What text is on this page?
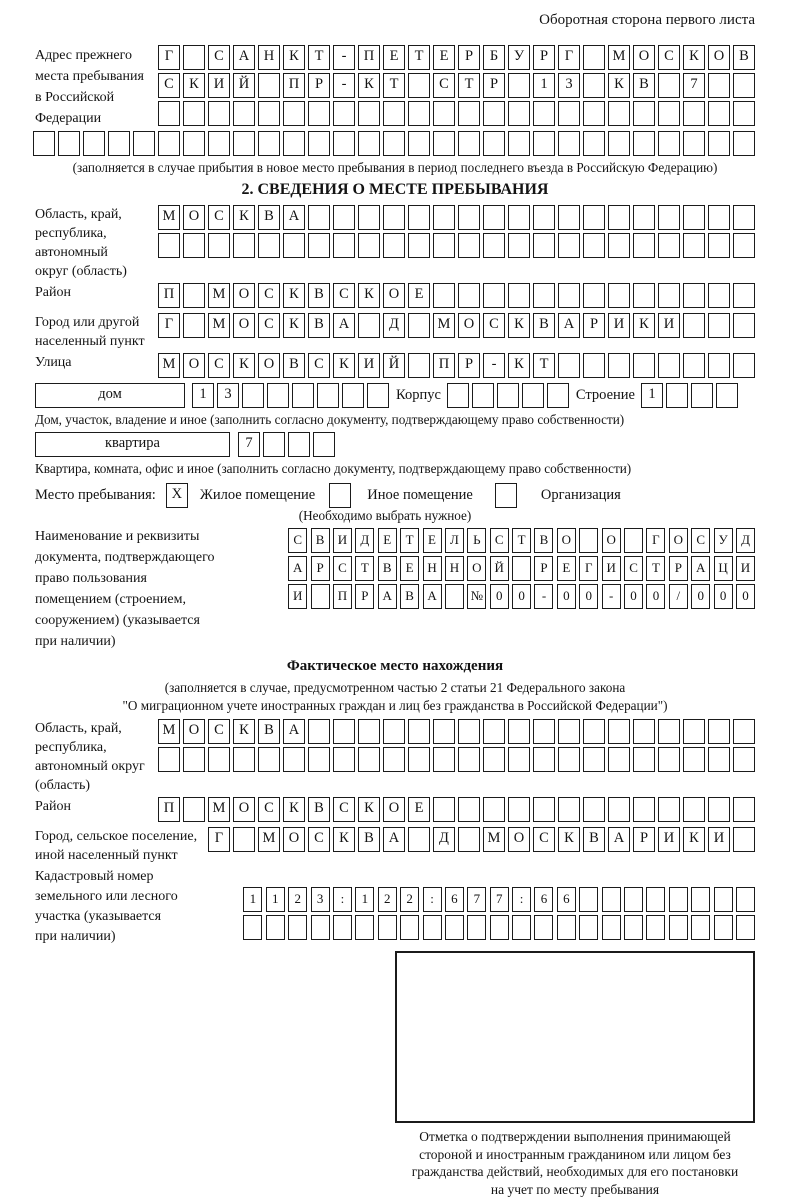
Оборотная сторона первого листа
Адрес прежнего
места пребывания
в Российской
Федерации
Г	С	А	Н	К	Т	-	П	Е	Т	Е	Р	Б	У	Р	Г	М О	С	К	О	В
С	К	И	Й	П	Р	-	К	Т	С	Т	Р	1	3	К	В	7
(заполняется в случае прибытия в новое место пребывания в период последнего въезда в Российскую Федерацию)
2. СВЕДЕНИЯ О МЕСТЕ ПРЕБЫВАНИЯ
Область, край,
республика,
автономный
округ (область)
М О	С	К	В	А
Район	П	М О	С	К	В	С	К	О	Е
Город или другой
населенный пункт
Г	М О	С	К	В	А	Д	М О	С	К	В	А	Р	И	К	И
Улица	М О	С	К	О	В	С	К	И	Й	П	Р	-	К	Т
дом	1	3	Корпус	Строение 1
Дом, участок, владение и иное (заполнить согласно документу, подтверждающему право собственности)
квартира	7
Квартира, комната, офис и иное (заполнить согласно документу, подтверждающему право собственности)
Место пребывания:	X	Жилое помещение	Иное помещение	Организация
(Необходимо выбрать нужное)
Наименование и реквизиты
документа, подтверждающего
право пользования
помещением (строением,
сооружением) (указывается
при наличии)
С	В	И	Д	Е	Т	Е	Л	Ь	С	Т	В	О	О	Г	О	С	У	Д
А	Р	С	Т	В	Е	Н	Н	О	Й	Р	Е	Г	И	С	Т	Р	А	Ц	И
И	П	Р	А	В	А	№ 0	0	-	0	0	-	0	0	/	0	0	0
Фактическое место нахождения
(заполняется в случае, предусмотренном частью 2 статьи 21 Федерального закона
"О миграционном учете иностранных граждан и лиц без гражданства в Российской Федерации")
Область, край,
республика,
автономный округ
(область)
М О	С	К	В	А
Район	П	М О	С	К	В	С	К	О	Е
Город, сельское поселение,
иной населенный пункт
Г	М О	С	К	В	А	Д	М О	С	К	В	А	Р	И	К	И
Кадастровый номер
земельного или лесного
участка (указывается
при наличии)
1	1	2	3	:	1	2	2	:	6	7	7	:	6	6
Отметка о подтверждении выполнения принимающей
стороной и иностранным гражданином или лицом без
гражданства действий, необходимых для его постановки
на учет по месту пребывания
